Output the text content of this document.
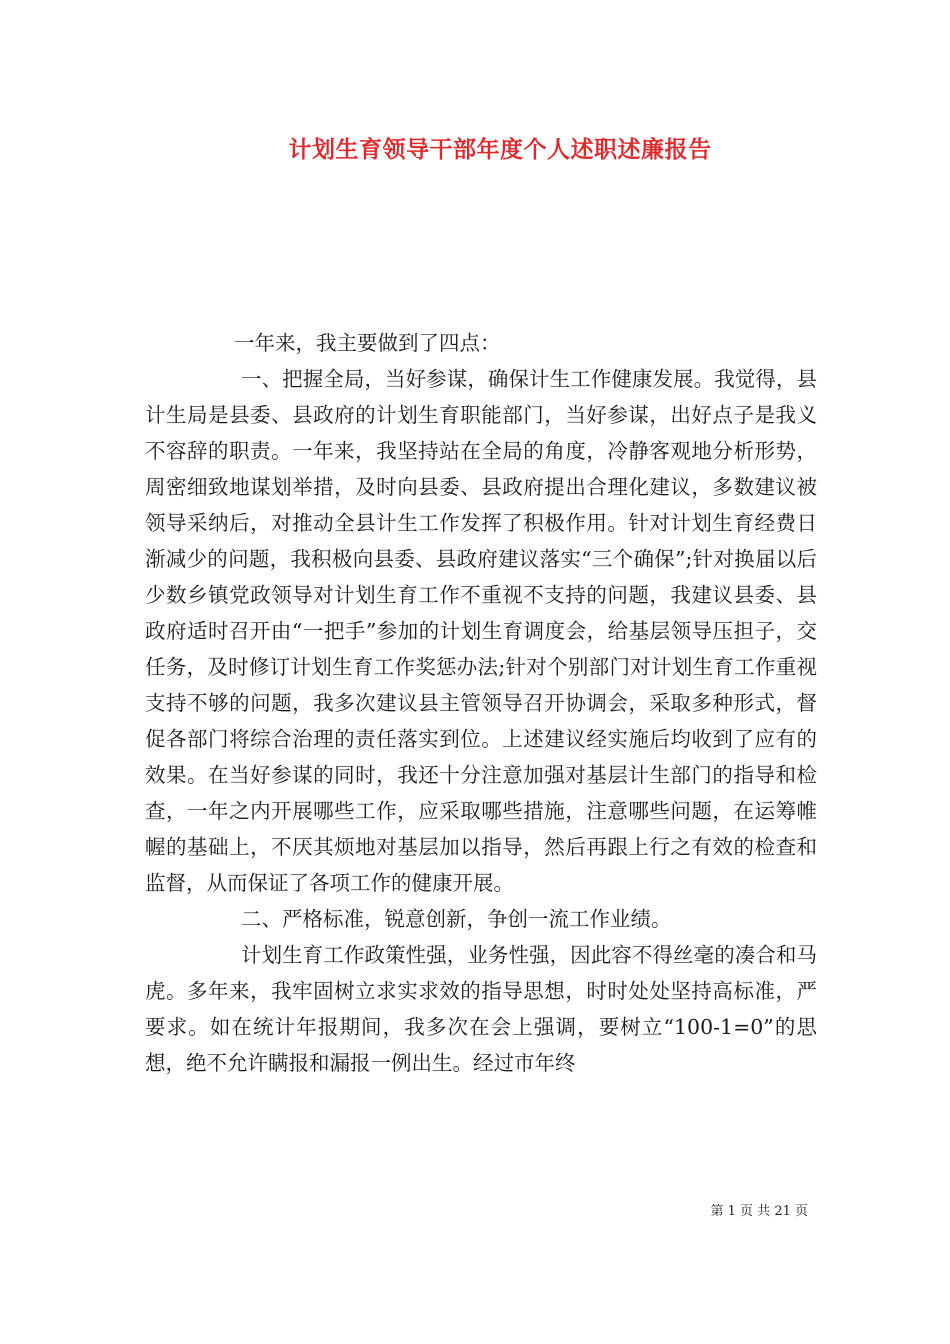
计划生育领导干部年度个人述职述廉报告

一年来，我主要做到了四点：

一、把握全局，当好参谋，确保计生工作健康发展。我觉得，县计生局是县委、县政府的计划生育职能部门，当好参谋，出好点子是我义不容辞的职责。一年来，我坚持站在全局的角度，冷静客观地分析形势，周密细致地谋划举措，及时向县委、县政府提出合理化建议，多数建议被领导采纳后，对推动全县计生工作发挥了积极作用。针对计划生育经费日渐减少的问题，我积极向县委、县政府建议落实“三个确保”;针对换届以后少数乡镇党政领导对计划生育工作不重视不支持的问题，我建议县委、县政府适时召开由“一把手”参加的计划生育调度会，给基层领导压担子，交任务，及时修订计划生育工作奖惩办法;针对个别部门对计划生育工作重视支持不够的问题，我多次建议县主管领导召开协调会，采取多种形式，督促各部门将综合治理的责任落实到位。上述建议经实施后均收到了应有的效果。在当好参谋的同时，我还十分注意加强对基层计生部门的指导和检查，一年之内开展哪些工作，应采取哪些措施，注意哪些问题，在运筹帷幄的基础上，不厌其烦地对基层加以指导，然后再跟上行之有效的检查和监督，从而保证了各项工作的健康开展。

二、严格标准，锐意创新，争创一流工作业绩。

计划生育工作政策性强，业务性强，因此容不得丝毫的凑合和马虎。多年来，我牢固树立求实求效的指导思想，时时处处坚持高标准，严要求。如在统计年报期间，我多次在会上强调，要树立“100-1=0”的思想，绝不允许瞒报和漏报一例出生。经过市年终

第 1 页 共 21 页
